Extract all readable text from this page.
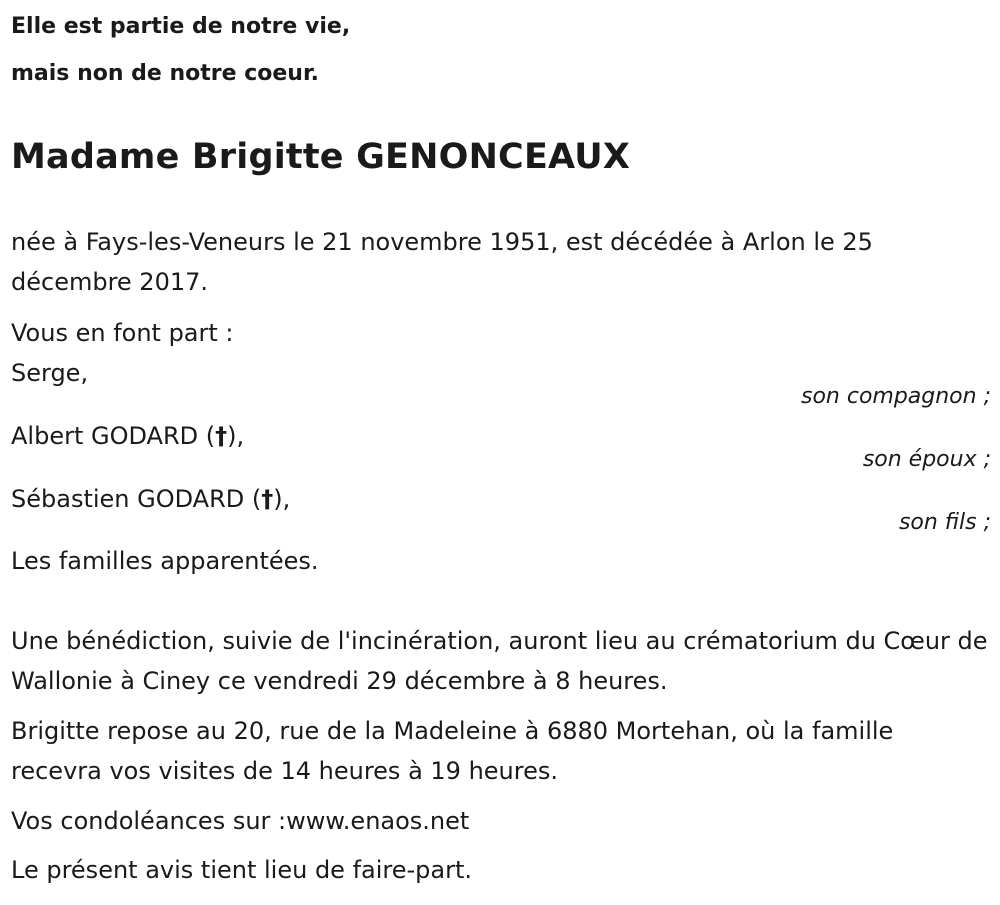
Elle est partie de notre vie,

mais non de notre coeur.

Madame Brigitte GENONCEAUX

née à Fays-les-Veneurs le 21 novembre 1951, est décédée à Arlon le 25 décembre 2017.

Vous en font part :

Serge,

son compagnon ;

Albert GODARD (†),

son époux ;

Sébastien GODARD (†),

son fils ;

Les familles apparentées.

Une bénédiction, suivie de l'incinération, auront lieu au crématorium du Cœur de Wallonie à Ciney ce vendredi 29 décembre à 8 heures.

Brigitte repose au 20, rue de la Madeleine à 6880 Mortehan, où la famille recevra vos visites de 14 heures à 19 heures.

Vos condoléances sur :www.enaos.net

Le présent avis tient lieu de faire-part.
